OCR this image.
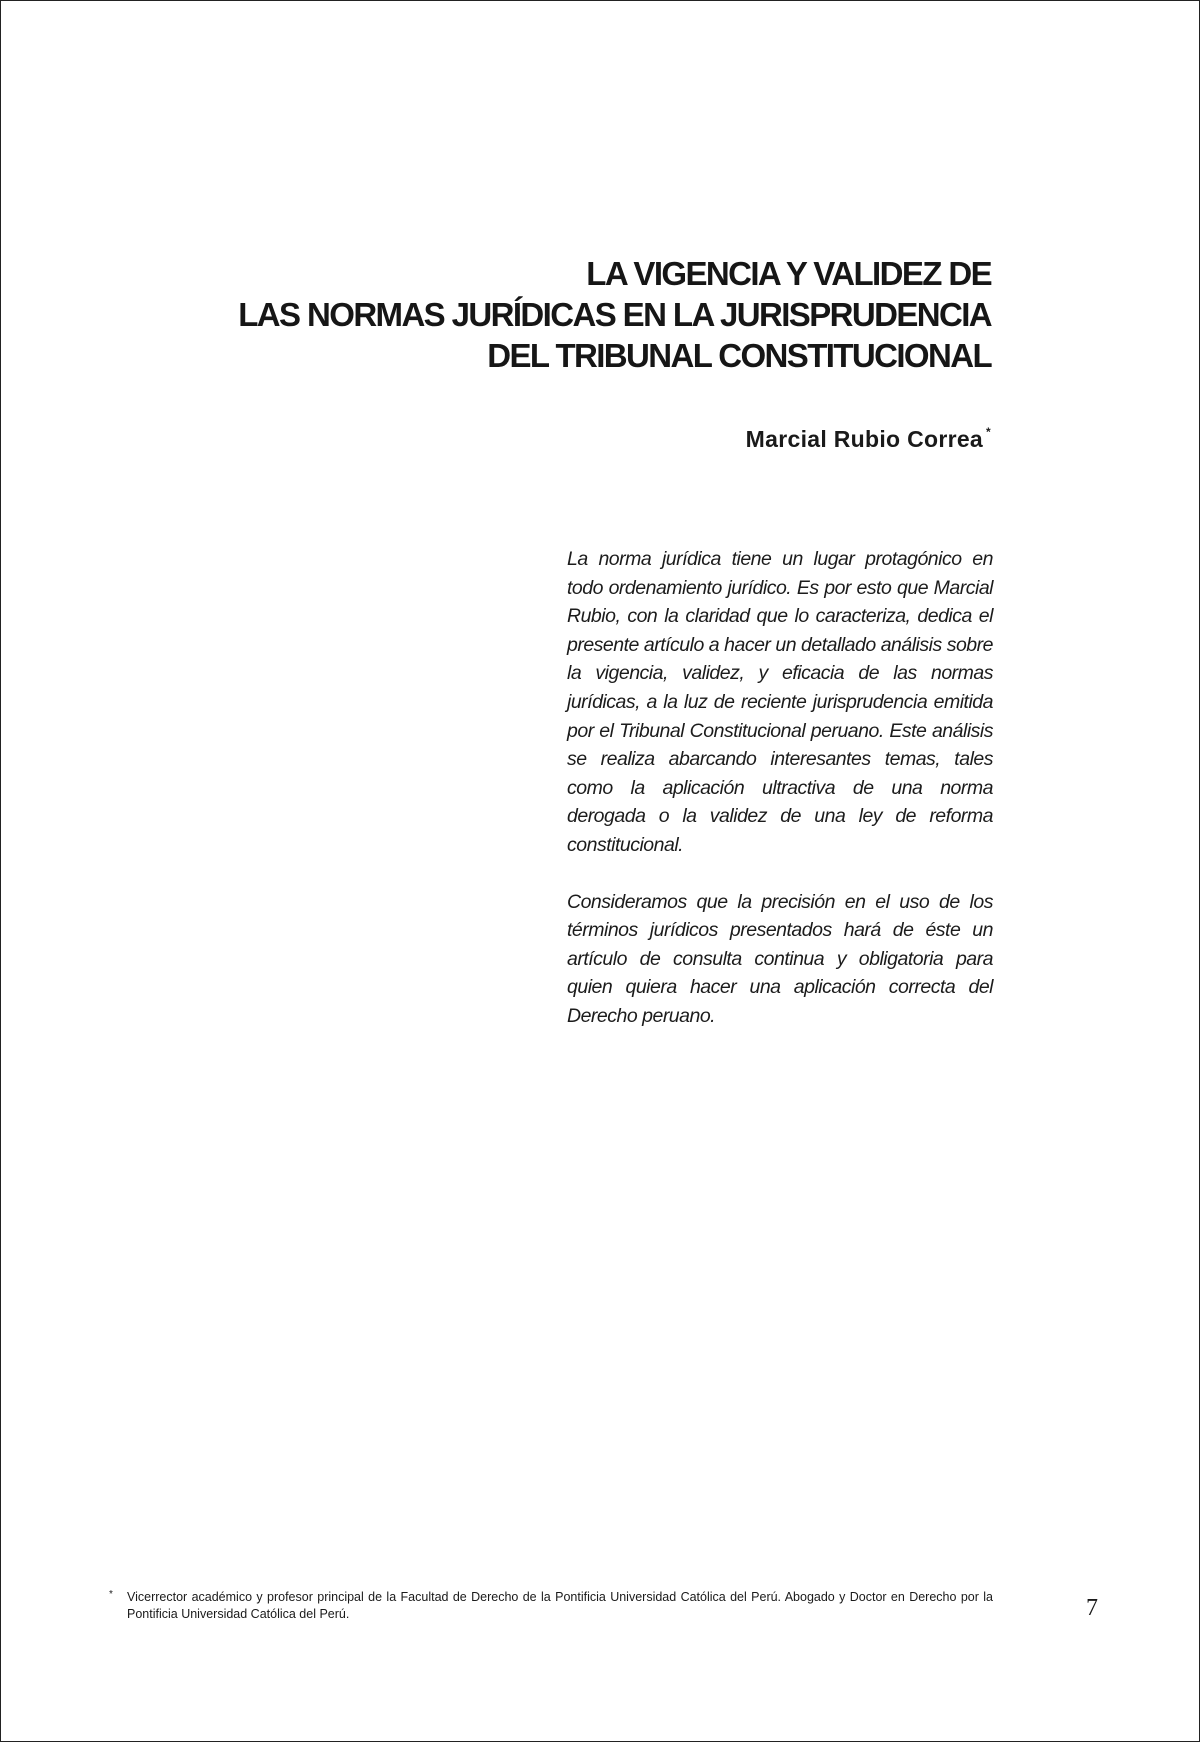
LA VIGENCIA Y VALIDEZ DE
LAS NORMAS JURÍDICAS EN LA JURISPRUDENCIA
DEL TRIBUNAL CONSTITUCIONAL

Marcial Rubio Correa *

La norma jurídica tiene un lugar protagónico en todo ordenamiento jurídico. Es por esto que Marcial Rubio, con la claridad que lo caracteriza, dedica el presente artículo a hacer un detallado análisis sobre la vigencia, validez, y eficacia de las normas jurídicas, a la luz de reciente jurisprudencia emitida por el Tribunal Constitucional peruano. Este análisis se realiza abarcando interesantes temas, tales como la aplicación ultractiva de una norma derogada o la validez de una ley de reforma constitucional.

Consideramos que la precisión en el uso de los términos jurídicos presentados hará de éste un artículo de consulta continua y obligatoria para quien quiera hacer una aplicación correcta del Derecho peruano.

*	Vicerrector académico y profesor principal de la Facultad de Derecho de la Pontificia Universidad Católica del Perú. Abogado y Doctor en Derecho por la Pontificia Universidad Católica del Perú.	7
